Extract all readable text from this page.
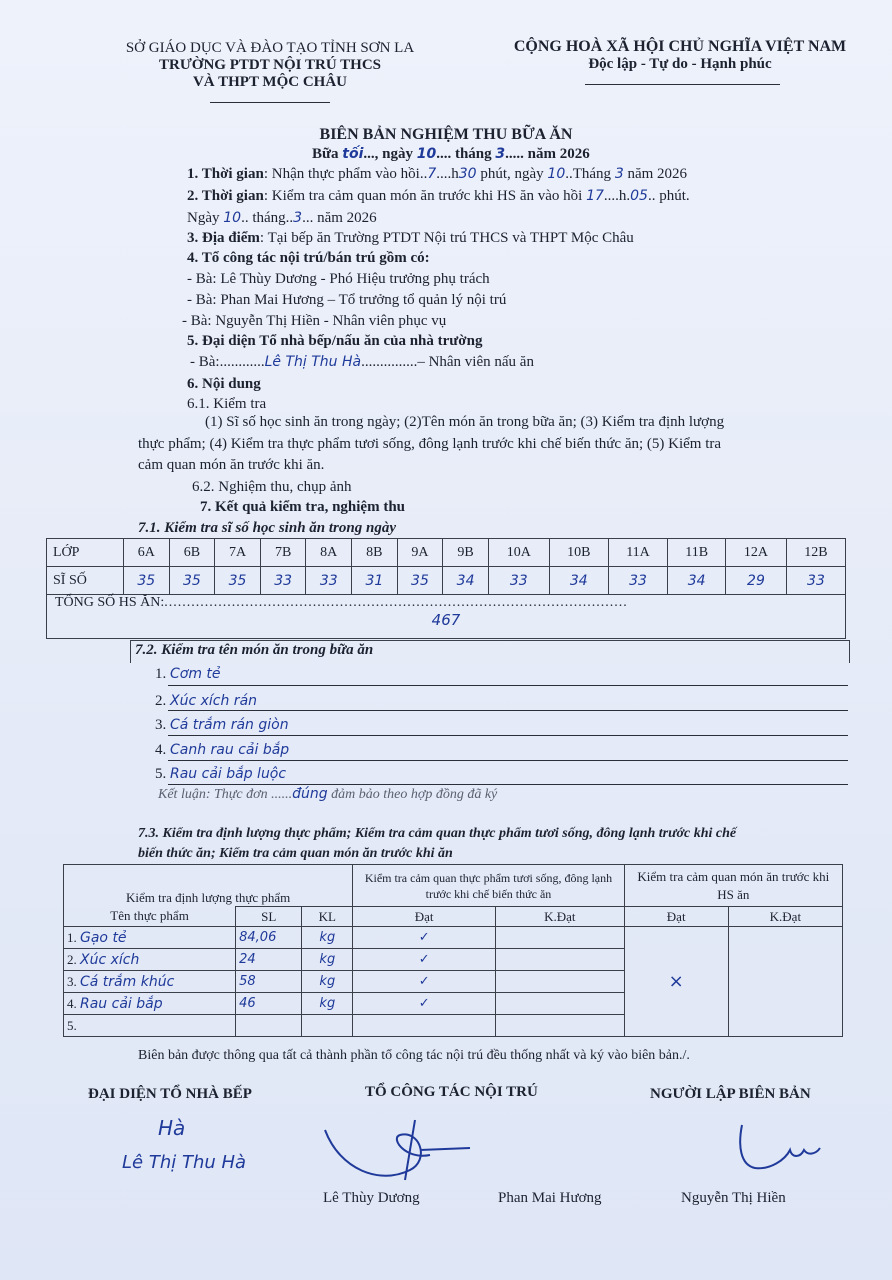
SỞ GIÁO DỤC VÀ ĐÀO TẠO TỈNH SƠN LA
TRƯỜNG PTDT NỘI TRÚ THCS
VÀ THPT MỘC CHÂU
CỘNG HOÀ XÃ HỘI CHỦ NGHĨA VIỆT NAM
Độc lập - Tự do - Hạnh phúc
BIÊN BẢN NGHIỆM THU BỮA ĂN
Bữa tối..., ngày 10.... tháng 3..... năm 2026
1. Thời gian: Nhận thực phẩm vào hồi..7....h30 phút, ngày 10..Tháng 3 năm 2026
2. Thời gian: Kiểm tra cảm quan món ăn trước khi HS ăn vào hồi 17....h.05.. phút.
Ngày 10.. tháng..3... năm 2026
3. Địa điểm: Tại bếp ăn Trường PTDT Nội trú THCS và THPT Mộc Châu
4. Tổ công tác nội trú/bán trú gồm có:
- Bà: Lê Thùy Dương - Phó Hiệu trưởng phụ trách
- Bà: Phan Mai Hương – Tổ trưởng tổ quản lý nội trú
- Bà: Nguyễn Thị Hiền - Nhân viên phục vụ
5. Đại diện Tổ nhà bếp/nấu ăn của nhà trường
- Bà:............Lê Thị Thu Hà...............– Nhân viên nấu ăn
6. Nội dung
6.1. Kiểm tra
(1) Sĩ số học sinh ăn trong ngày; (2)Tên món ăn trong bữa ăn; (3) Kiểm tra định lượng
thực phẩm; (4) Kiểm tra thực phẩm tươi sống, đông lạnh trước khi chế biến thức ăn; (5) Kiểm tra
cảm quan món ăn trước khi ăn.
6.2. Nghiệm thu, chụp ảnh
7. Kết quả kiểm tra, nghiệm thu
7.1. Kiểm tra sĩ số học sinh ăn trong ngày
LỚP	6A	6B	7A	7B	8A	8B	9A	9B	10A	10B	11A	11B	12A	12B
SĨ SỐ	35	35	35	33	33	31	35	34	33	34	33	34	29	33
TỔNG SỐ HS ĂN:.......................................................................................................
467														
7.2. Kiểm tra tên món ăn trong bữa ăn
1. Cơm tẻ
2. Xúc xích rán
3. Cá trắm rán giòn
4. Canh rau cải bắp
5. Rau cải bắp luộc
Kết luận: Thực đơn ......đúng đảm bảo theo hợp đồng đã ký
7.3. Kiểm tra định lượng thực phẩm; Kiểm tra cảm quan thực phẩm tươi sống, đông lạnh trước khi chế
biến thức ăn; Kiểm tra cảm quan món ăn trước khi ăn
Kiểm tra định lượng thực phẩm			Kiểm tra cảm quan thực phẩm tươi sống, đông lạnh trước khi chế biến thức ăn		Kiểm tra cảm quan món ăn trước khi HS ăn	
Tên thực phẩm	SL	KL	Đạt	K.Đạt	Đạt	K.Đạt
1. Gạo tẻ	84,06	kg	✓		×	
2. Xúc xích	24	kg	✓			
3. Cá trắm khúc	58	kg	✓			
4. Rau cải bắp	46	kg	✓			
5.						
Biên bản được thông qua tất cả thành phần tổ công tác nội trú đều thống nhất và ký vào biên bản./.
ĐẠI DIỆN TỔ NHÀ BẾP	TỔ CÔNG TÁC NỘI TRÚ	NGƯỜI LẬP BIÊN BẢN
Hà
Lê Thị Thu Hà
Lê Thùy Dương	Phan Mai Hương	Nguyễn Thị Hiền
